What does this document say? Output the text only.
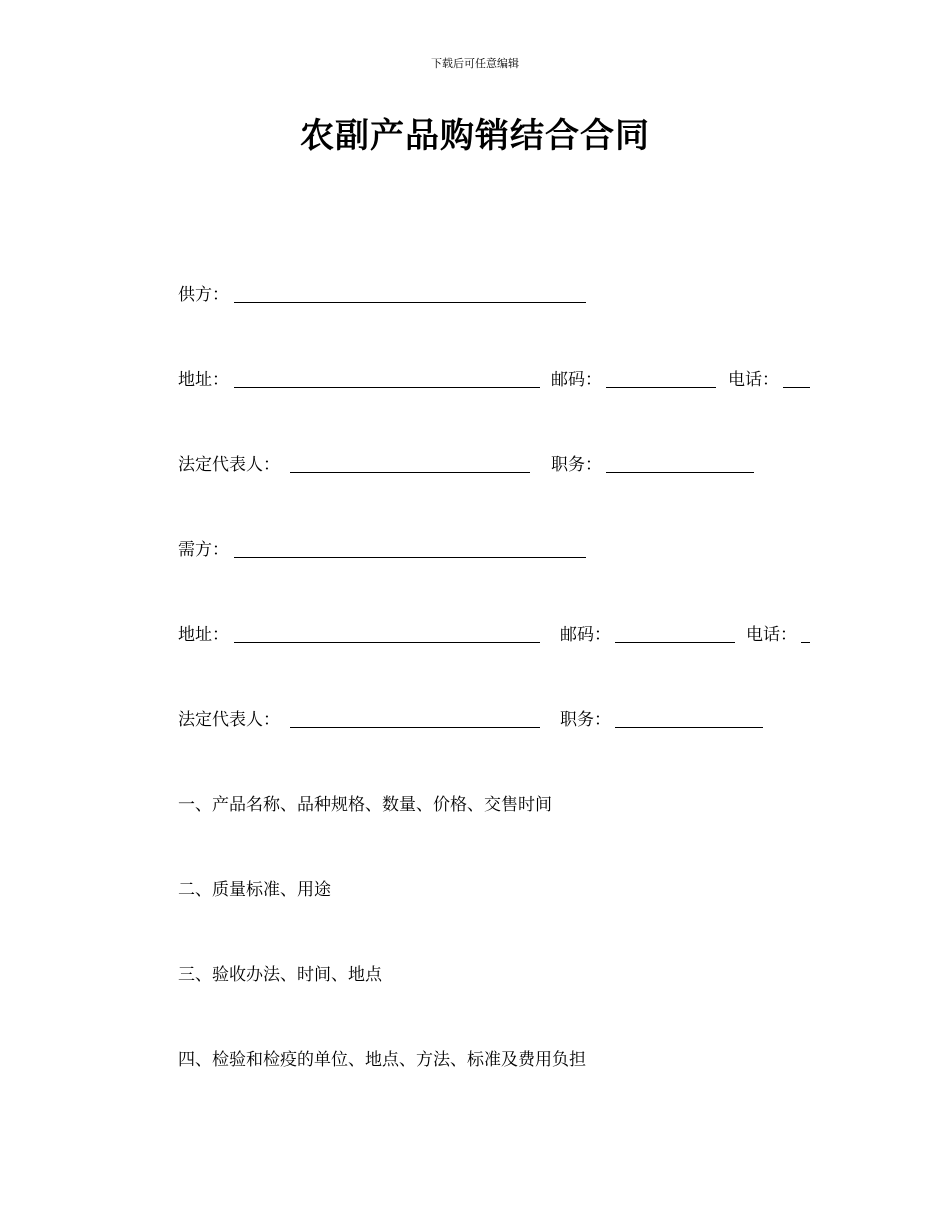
下载后可任意编辑
农副产品购销结合合同
供方：
地址：	邮码：	电话：
法定代表人：	职务：
需方：
地址：	邮码：	电话：
法定代表人：	职务：
一、产品名称、品种规格、数量、价格、交售时间
二、质量标准、用途
三、验收办法、时间、地点
四、检验和检疫的单位、地点、方法、标准及费用负担
